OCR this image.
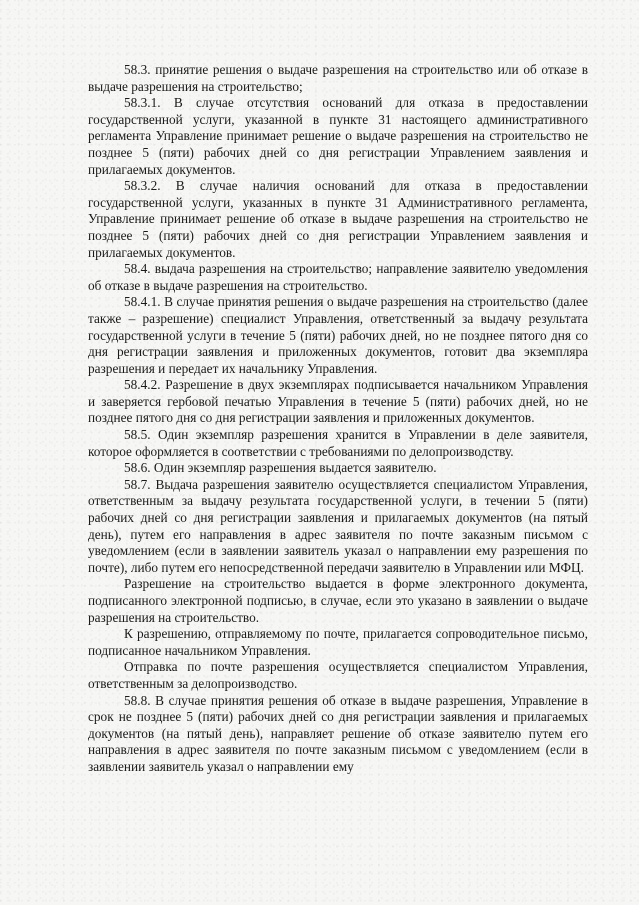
58.3. принятие решения о выдаче разрешения на строительство или об отказе в выдаче разрешения на строительство;

58.3.1. В случае отсутствия оснований для отказа в предоставлении государственной услуги, указанной в пункте 31 настоящего административного регламента Управление принимает решение о выдаче разрешения на строительство не позднее 5 (пяти) рабочих дней со дня регистрации Управлением заявления и прилагаемых документов.

58.3.2. В случае наличия оснований для отказа в предоставлении государственной услуги, указанных в пункте 31 Административного регламента, Управление принимает решение об отказе в выдаче разрешения на строительство не позднее 5 (пяти) рабочих дней со дня регистрации Управлением заявления и прилагаемых документов.

58.4. выдача разрешения на строительство; направление заявителю уведомления об отказе в выдаче разрешения на строительство.

58.4.1. В случае принятия решения о выдаче разрешения на строительство (далее также – разрешение) специалист Управления, ответственный за выдачу результата государственной услуги в течение 5 (пяти) рабочих дней, но не позднее пятого дня со дня регистрации заявления и приложенных документов, готовит два экземпляра разрешения и передает их начальнику Управления.

58.4.2. Разрешение в двух экземплярах подписывается начальником Управления и заверяется гербовой печатью Управления в течение 5 (пяти) рабочих дней, но не позднее пятого дня со дня регистрации заявления и приложенных документов.

58.5. Один экземпляр разрешения хранится в Управлении в деле заявителя, которое оформляется в соответствии с требованиями по делопроизводству.

58.6. Один экземпляр разрешения выдается заявителю.

58.7. Выдача разрешения заявителю осуществляется специалистом Управления, ответственным за выдачу результата государственной услуги, в течении 5 (пяти) рабочих дней со дня регистрации заявления и прилагаемых документов (на пятый день), путем его направления в адрес заявителя по почте заказным письмом с уведомлением (если в заявлении заявитель указал о направлении ему разрешения по почте), либо путем его непосредственной передачи заявителю в Управлении или МФЦ.

Разрешение на строительство выдается в форме электронного документа, подписанного электронной подписью, в случае, если это указано в заявлении о выдаче разрешения на строительство.

К разрешению, отправляемому по почте, прилагается сопроводительное письмо, подписанное начальником Управления.

Отправка по почте разрешения осуществляется специалистом Управления, ответственным за делопроизводство.

58.8. В случае принятия решения об отказе в выдаче разрешения, Управление в срок не позднее 5 (пяти) рабочих дней со дня регистрации заявления и прилагаемых документов (на пятый день), направляет решение об отказе заявителю путем его направления в адрес заявителя по почте заказным письмом с уведомлением (если в заявлении заявитель указал о направлении ему
